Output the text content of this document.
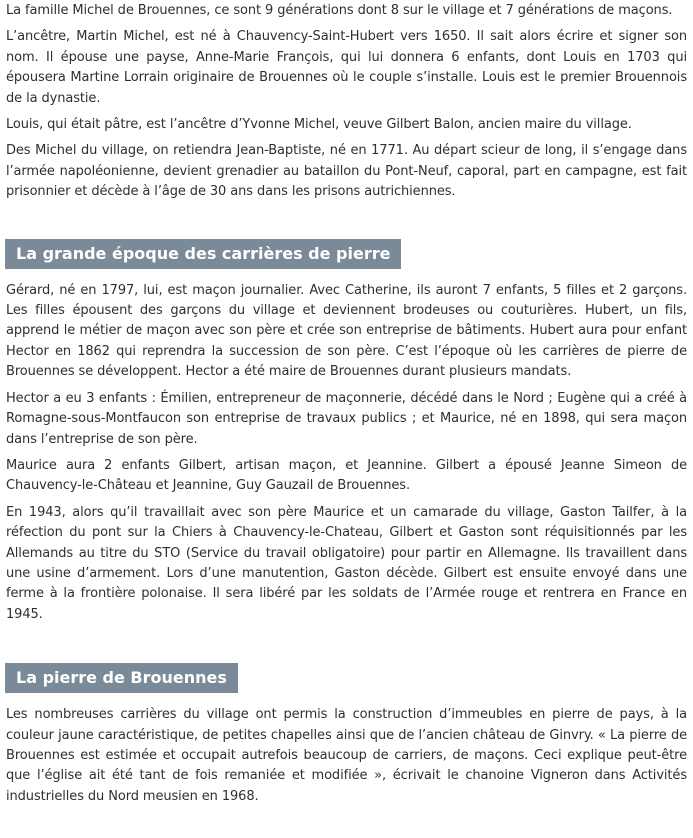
La famille Michel de Brouennes, ce sont 9 générations dont 8 sur le village et 7 générations de maçons.

L’ancêtre, Martin Michel, est né à Chauvency-Saint-Hubert vers 1650. Il sait alors écrire et signer son nom. Il épouse une payse, Anne-Marie François, qui lui donnera 6 enfants, dont Louis en 1703 qui épousera Martine Lorrain originaire de Brouennes où le couple s’installe. Louis est le premier Brouennois de la dynastie.

Louis, qui était pâtre, est l’ancêtre d’Yvonne Michel, veuve Gilbert Balon, ancien maire du village.

Des Michel du village, on retiendra Jean-Baptiste, né en 1771. Au départ scieur de long, il s’engage dans l’armée napoléonienne, devient grenadier au bataillon du Pont-Neuf, caporal, part en campagne, est fait prisonnier et décède à l’âge de 30 ans dans les prisons autrichiennes.

La grande époque des carrières de pierre

Gérard, né en 1797, lui, est maçon journalier. Avec Catherine, ils auront 7 enfants, 5 filles et 2 garçons. Les filles épousent des garçons du village et deviennent brodeuses ou couturières. Hubert, un fils, apprend le métier de maçon avec son père et crée son entreprise de bâtiments. Hubert aura pour enfant Hector en 1862 qui reprendra la succession de son père. C’est l’époque où les carrières de pierre de Brouennes se développent. Hector a été maire de Brouennes durant plusieurs mandats.

Hector a eu 3 enfants : Émilien, entrepreneur de maçonnerie, décédé dans le Nord ; Eugène qui a créé à Romagne-sous-Montfaucon son entreprise de travaux publics ; et Maurice, né en 1898, qui sera maçon dans l’entreprise de son père.

Maurice aura 2 enfants Gilbert, artisan maçon, et Jeannine. Gilbert a épousé Jeanne Simeon de Chauvency-le-Château et Jeannine, Guy Gauzail de Brouennes.

En 1943, alors qu’il travaillait avec son père Maurice et un camarade du village, Gaston Tailfer, à la réfection du pont sur la Chiers à Chauvency-le-Chateau, Gilbert et Gaston sont réquisitionnés par les Allemands au titre du STO (Service du travail obligatoire) pour partir en Allemagne. Ils travaillent dans une usine d’armement. Lors d’une manutention, Gaston décède. Gilbert est ensuite envoyé dans une ferme à la frontière polonaise. Il sera libéré par les soldats de l’Armée rouge et rentrera en France en 1945.

La pierre de Brouennes

Les nombreuses carrières du village ont permis la construction d’immeubles en pierre de pays, à la couleur jaune caractéristique, de petites chapelles ainsi que de l’ancien château de Ginvry. « La pierre de Brouennes est estimée et occupait autrefois beaucoup de carriers, de maçons. Ceci explique peut-être que l’église ait été tant de fois remaniée et modifiée », écrivait le chanoine Vigneron dans Activités industrielles du Nord meusien en 1968.
